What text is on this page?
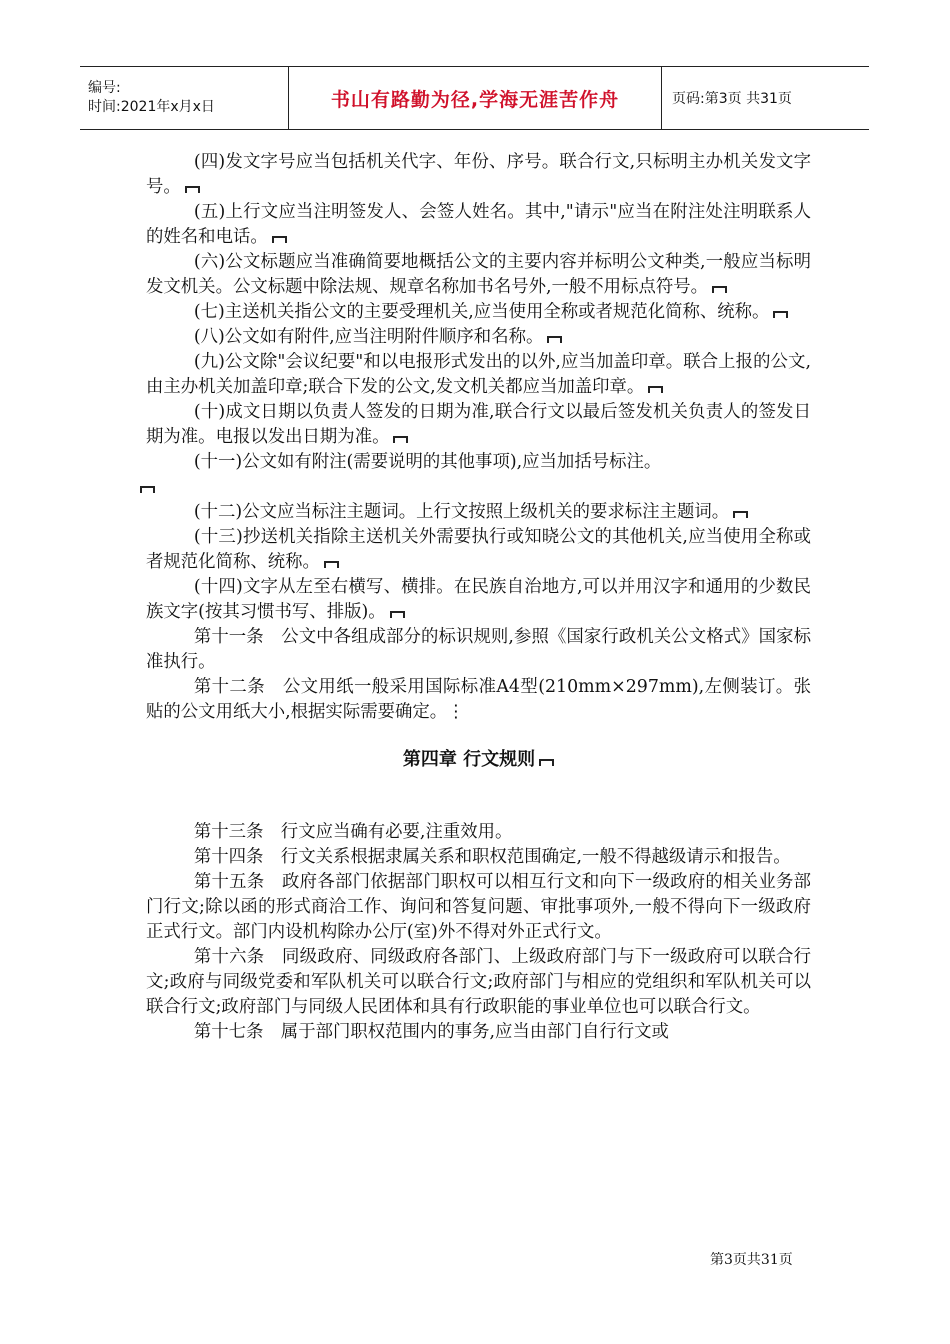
编号:
时间:2021年x月x日	书山有路勤为径,学海无涯苦作舟	页码:第3页 共31页

(四)发文字号应当包括机关代字、年份、序号。联合行文,只标明主办机关发文字号。

(五)上行文应当注明签发人、会签人姓名。其中,"请示"应当在附注处注明联系人的姓名和电话。

(六)公文标题应当准确简要地概括公文的主要内容并标明公文种类,一般应当标明发文机关。公文标题中除法规、规章名称加书名号外,一般不用标点符号。

(七)主送机关指公文的主要受理机关,应当使用全称或者规范化简称、统称。

(八)公文如有附件,应当注明附件顺序和名称。

(九)公文除"会议纪要"和以电报形式发出的以外,应当加盖印章。联合上报的公文,由主办机关加盖印章;联合下发的公文,发文机关都应当加盖印章。

(十)成文日期以负责人签发的日期为准,联合行文以最后签发机关负责人的签发日期为准。电报以发出日期为准。

(十一)公文如有附注(需要说明的其他事项),应当加括号标注。

(十二)公文应当标注主题词。上行文按照上级机关的要求标注主题词。

(十三)抄送机关指除主送机关外需要执行或知晓公文的其他机关,应当使用全称或者规范化简称、统称。

(十四)文字从左至右横写、横排。在民族自治地方,可以并用汉字和通用的少数民族文字(按其习惯书写、排版)。

第十一条　公文中各组成部分的标识规则,参照《国家行政机关公文格式》国家标准执行。

第十二条　公文用纸一般采用国际标准A4型(210mm×297mm),左侧装订。张贴的公文用纸大小,根据实际需要确定。⋮

第四章 行文规则

第十三条　行文应当确有必要,注重效用。

第十四条　行文关系根据隶属关系和职权范围确定,一般不得越级请示和报告。

第十五条　政府各部门依据部门职权可以相互行文和向下一级政府的相关业务部门行文;除以函的形式商洽工作、询问和答复问题、审批事项外,一般不得向下一级政府正式行文。部门内设机构除办公厅(室)外不得对外正式行文。

第十六条　同级政府、同级政府各部门、上级政府部门与下一级政府可以联合行文;政府与同级党委和军队机关可以联合行文;政府部门与相应的党组织和军队机关可以联合行文;政府部门与同级人民团体和具有行政职能的事业单位也可以联合行文。

第十七条　属于部门职权范围内的事务,应当由部门自行行文或

第3页共31页
